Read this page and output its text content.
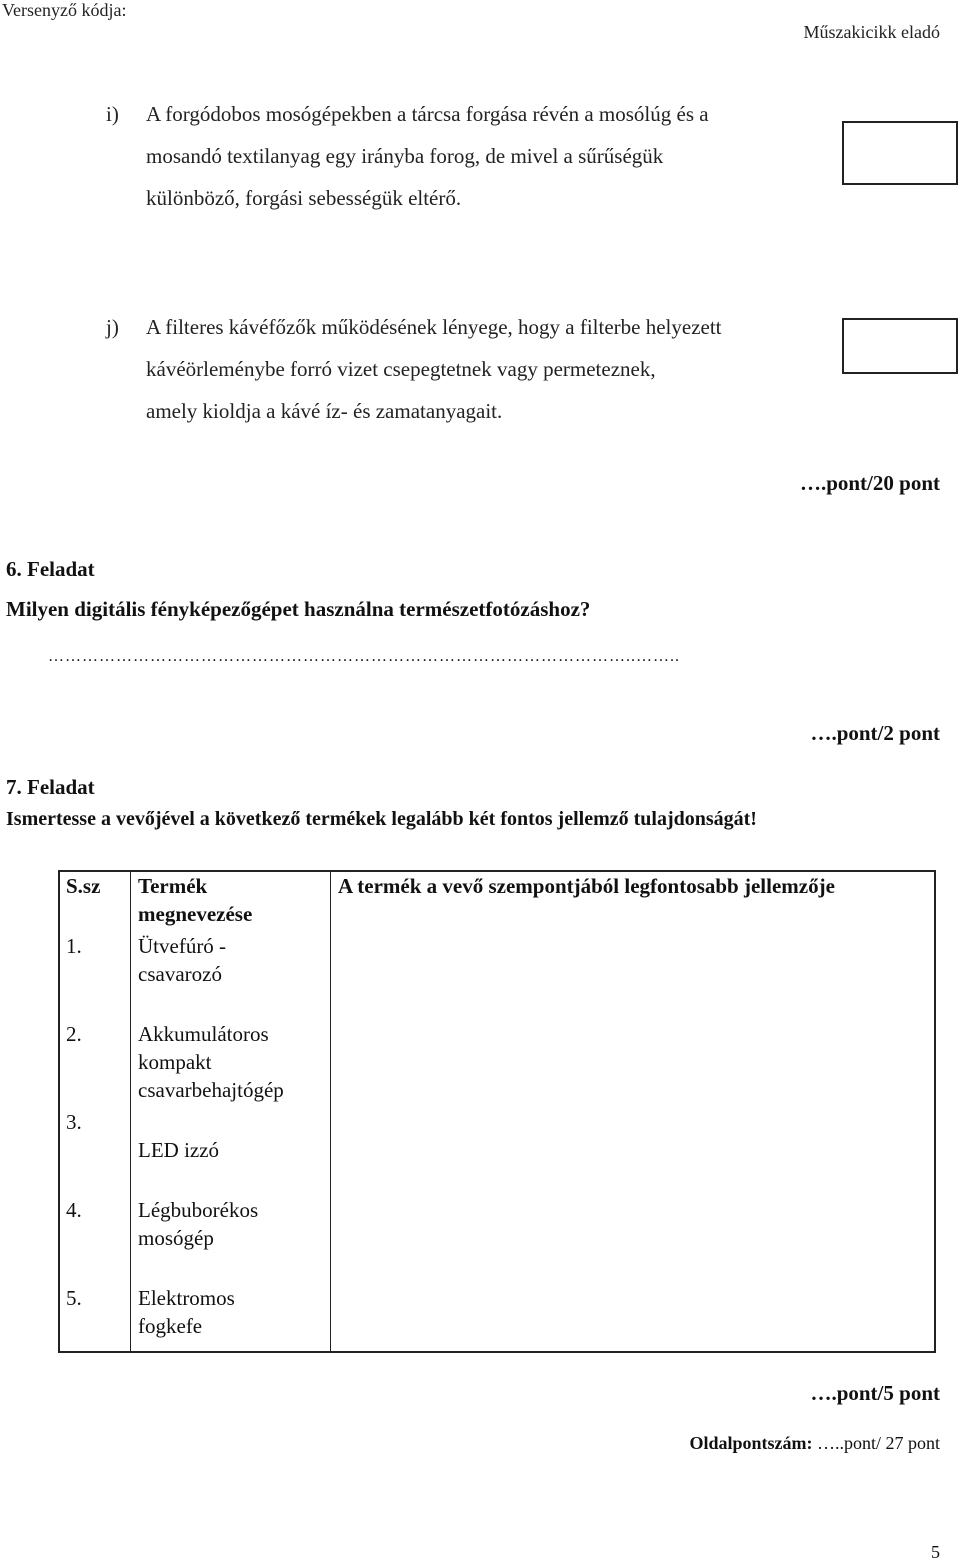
Versenyző kódja:
Műszakicikk eladó
i) A forgódobos mosógépekben a tárcsa forgása révén a mosólúg és a
mosandó textilanyag egy irányba forog, de mivel a sűrűségük
különböző, forgási sebességük eltérő.
j) A filteres kávéfőzők működésének lényege, hogy a filterbe helyezett
kávéörleménybe forró vizet csepegtetnek vagy permeteznek,
amely kioldja a kávé íz- és zamatanyagait.
….pont/20 pont
6. Feladat
Milyen digitális fényképezőgépet használna természetfotózáshoz?
…………………………………………………………………………………………..……..
….pont/2 pont
7. Feladat
Ismertesse a vevőjével a következő termékek legalább két fontos jellemző tulajdonságát!
S.sz	Termék megnevezése	A termék a vevő szempontjából legfontosabb jellemzője
1.	Ütvefúró -
csavarozó	

2.	Akkumulátoros
kompakt
csavarbehajtógép	

3.	LED izzó	

4.	Légbuborékos
mosógép	

5.	Elektromos
fogkefe	

….pont/5 pont
Oldalpontszám: …..pont/ 27 pont
5
